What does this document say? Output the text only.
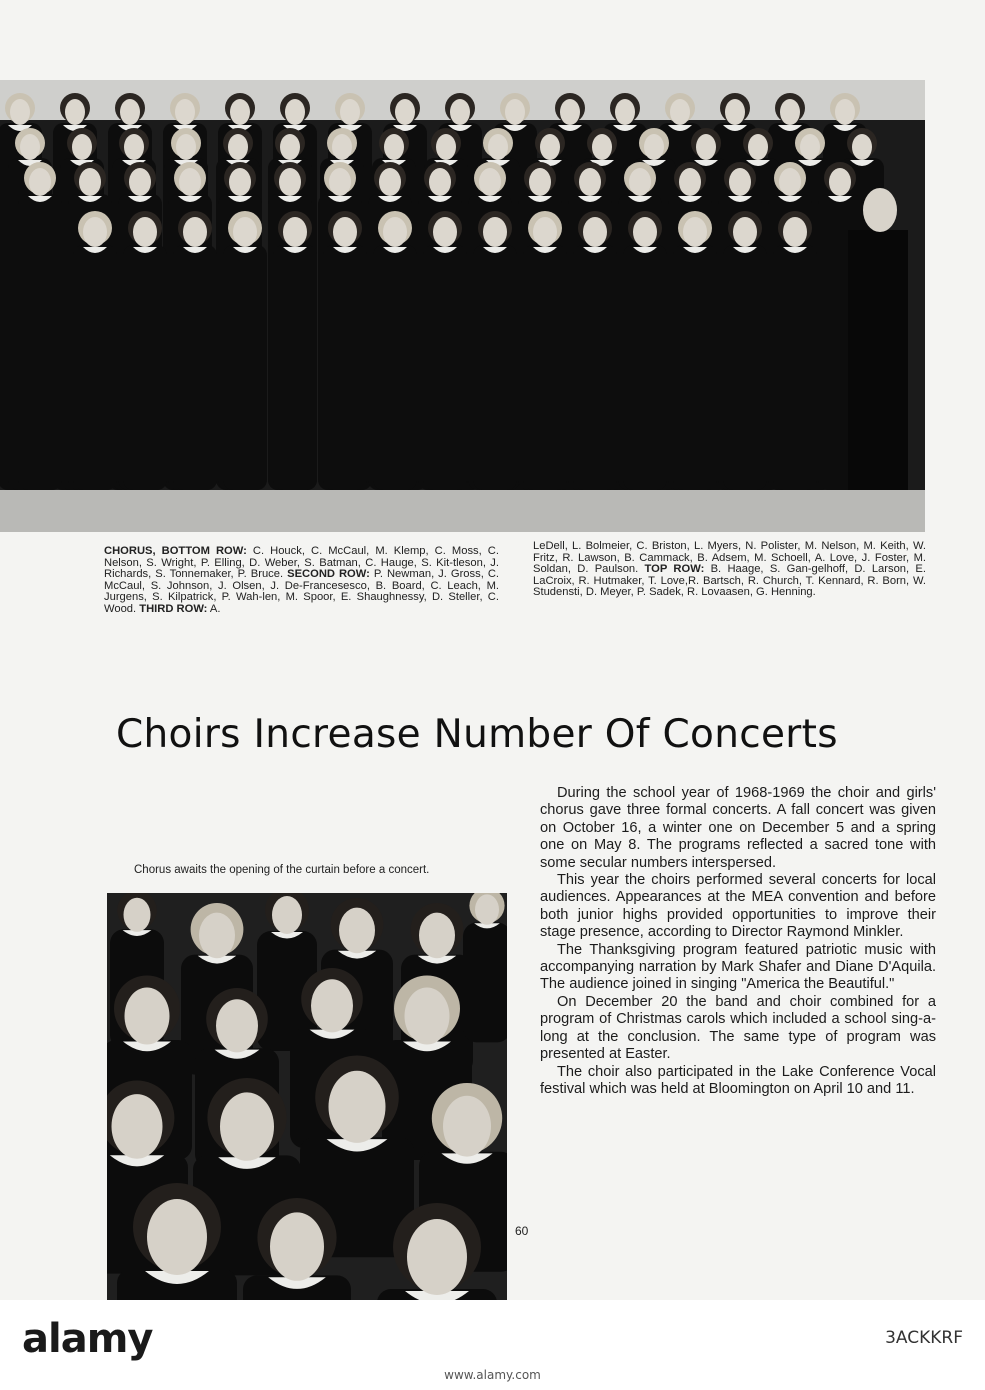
CHORUS, BOTTOM ROW: C. Houck, C. McCaul, M. Klemp, C. Moss, C. Nelson, S. Wright, P. Elling, D. Weber, S. Batman, C. Hauge, S. Kit-tleson, J. Richards, S. Tonnemaker, P. Bruce. SECOND ROW: P. Newman, J. Gross, C. McCaul, S. Johnson, J. Olsen, J. De-Francesesco, B. Board, C. Leach, M. Jurgens, S. Kilpatrick, P. Wah-len, M. Spoor, E. Shaughnessy, D. Steller, C. Wood. THIRD ROW: A.
LeDell, L. Bolmeier, C. Briston, L. Myers, N. Polister, M. Nelson, M. Keith, W. Fritz, R. Lawson, B. Cammack, B. Adsem, M. Schoell, A. Love, J. Foster, M. Soldan, D. Paulson. TOP ROW: B. Haage, S. Gan-gelhoff, D. Larson, E. LaCroix, R. Hutmaker, T. Love,R. Bartsch, R. Church, T. Kennard, R. Born, W. Studensti, D. Meyer, P. Sadek, R. Lovaasen, G. Henning.
Choirs Increase Number Of Concerts
Chorus awaits the opening of the curtain before a concert.

During the school year of 1968-1969 the choir and girls' chorus gave three formal concerts. A fall concert was given on October 16, a winter one on December 5 and a spring one on May 8. The programs reflected a sacred tone with some secular numbers interspersed.

This year the choirs performed several concerts for local audiences. Appearances at the MEA convention and before both junior highs provided opportunities to improve their stage presence, according to Director Raymond Minkler.

The Thanksgiving program featured patriotic music with accompanying narration by Mark Shafer and Diane D'Aquila. The audience joined in singing "America the Beautiful."

On December 20 the band and choir combined for a program of Christmas carols which included a school sing-a-long at the conclusion. The same type of program was presented at Easter.

The choir also participated in the Lake Conference Vocal festival which was held at Bloomington on April 10 and 11.

60
alamy	3ACKKRF
www.alamy.com
